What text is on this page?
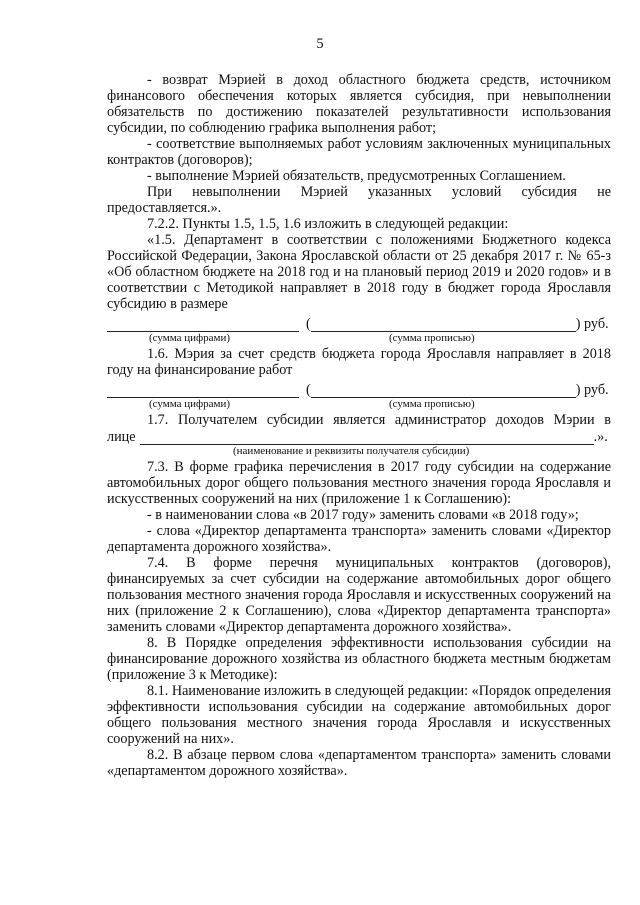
5

- возврат Мэрией в доход областного бюджета средств, источником финансового обеспечения которых является субсидия, при невыполнении обязательств по достижению показателей результативности использования субсидии, по соблюдению графика выполнения работ;

- соответствие выполняемых работ условиям заключенных муниципальных контрактов (договоров);

- выполнение Мэрией обязательств, предусмотренных Соглашением.

При невыполнении Мэрией указанных условий субсидия не предоставляется.».

7.2.2. Пункты 1.5, 1.5, 1.6 изложить в следующей редакции:

«1.5. Департамент в соответствии с положениями Бюджетного кодекса Российской Федерации, Закона Ярославской области от 25 декабря 2017 г. № 65-з «Об областном бюджете на 2018 год и на плановый период 2019 и 2020 годов» и в соответствии с Методикой направляет в 2018 году в бюджет города Ярославля субсидию в размере

(	) руб.
(сумма цифрами)	(сумма прописью)

1.6. Мэрия за счет средств бюджета города Ярославля направляет в 2018 году на финансирование работ

(	) руб.
(сумма цифрами)	(сумма прописью)

1.7. Получателем субсидии является администратор доходов Мэрии в

лице	.».
(наименование и реквизиты получателя субсидии)

7.3. В форме графика перечисления в 2017 году субсидии на содержание автомобильных дорог общего пользования местного значения города Ярославля и искусственных сооружений на них (приложение 1 к Соглашению):

- в наименовании слова «в 2017 году» заменить словами «в 2018 году»;

- слова «Директор департамента транспорта» заменить словами «Директор департамента дорожного хозяйства».

7.4. В форме перечня муниципальных контрактов (договоров), финансируемых за счет субсидии на содержание автомобильных дорог общего пользования местного значения города Ярославля и искусственных сооружений на них (приложение 2 к Соглашению), слова «Директор департамента транспорта» заменить словами «Директор департамента дорожного хозяйства».

8. В Порядке определения эффективности использования субсидии на финансирование дорожного хозяйства из областного бюджета местным бюджетам (приложение 3 к Методике):

8.1. Наименование изложить в следующей редакции: «Порядок определения эффективности использования субсидии на содержание автомобильных дорог общего пользования местного значения города Ярославля и искусственных сооружений на них».

8.2. В абзаце первом слова «департаментом транспорта» заменить словами «департаментом дорожного хозяйства».
